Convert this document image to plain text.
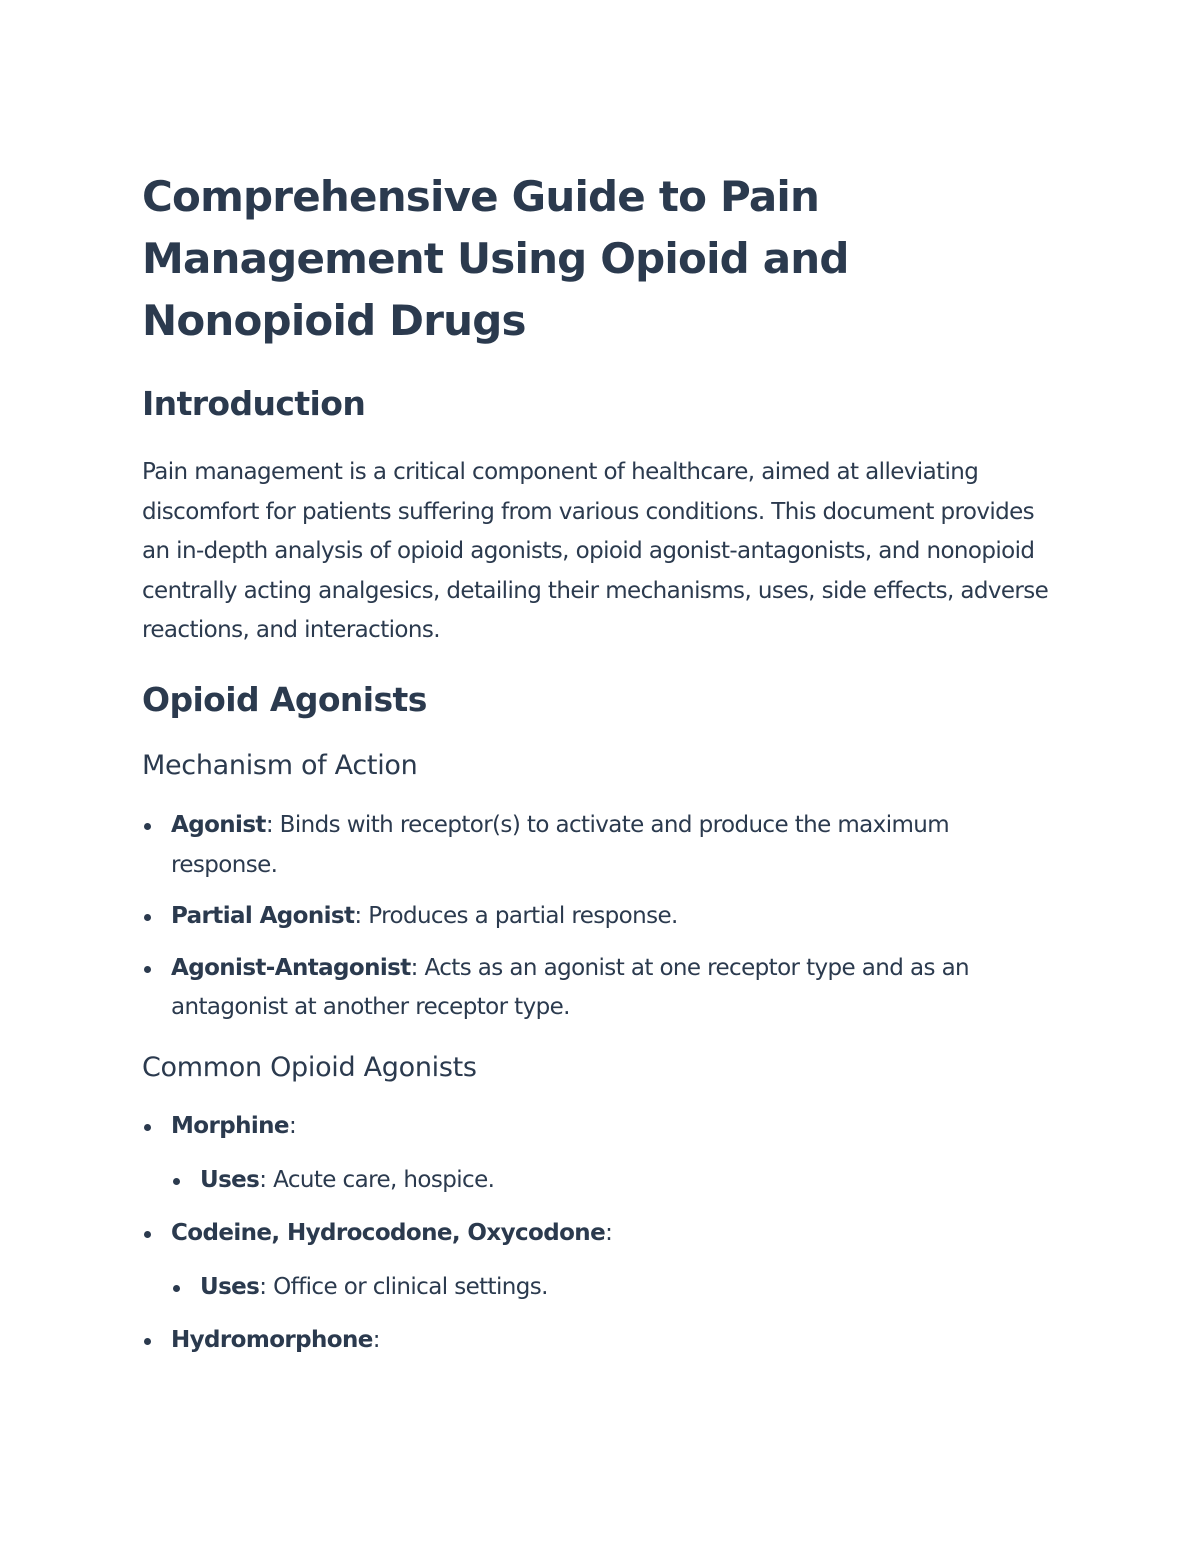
Comprehensive Guide to Pain Management Using Opioid and Nonopioid Drugs
Introduction

Pain management is a critical component of healthcare, aimed at alleviating discomfort for patients suffering from various conditions. This document provides an in-depth analysis of opioid agonists, opioid agonist-antagonists, and nonopioid centrally acting analgesics, detailing their mechanisms, uses, side effects, adverse reactions, and interactions.

Opioid Agonists
Mechanism of Action
Agonist: Binds with receptor(s) to activate and produce the maximum response.
Partial Agonist: Produces a partial response.
Agonist-Antagonist: Acts as an agonist at one receptor type and as an antagonist at another receptor type.
Common Opioid Agonists
Morphine:
Uses: Acute care, hospice.
Codeine, Hydrocodone, Oxycodone:
Uses: Office or clinical settings.
Hydromorphone:
